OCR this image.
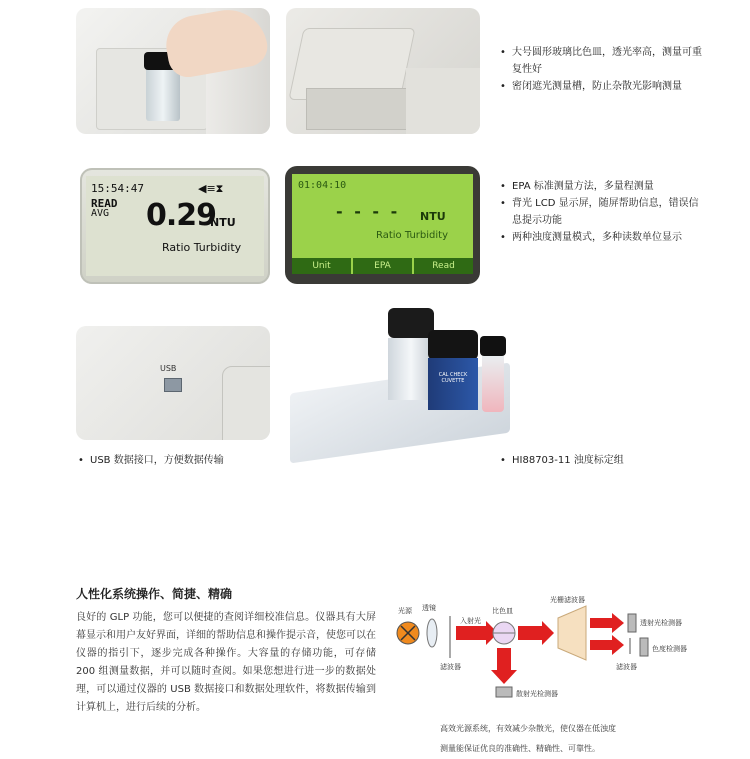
• 大号圆形玻璃比色皿，透光率高，测量可重复性好
• 密闭遮光测量槽，防止杂散光影响测量
15:54:47	◀≡⧗
READ
AVG 0.29
NTU
Ratio Turbidity
01:04:10
- - - - NTU
Ratio Turbidity
Unit	EPA	Read
• EPA 标准测量方法，多量程测量
• 背光 LCD 显示屏，随屏帮助信息，错误信息提示功能
• 两种浊度测量模式，多种读数单位显示
USB
CAL CHECK CUVETTE
• USB 数据接口，方便数据传输
•	HI88703-11 浊度标定组
人性化系统操作、简捷、精确
良好的 GLP 功能，您可以便捷的查阅详细校准信息。仪器具有大屏幕显示和用户友好界面，详细的帮助信息和操作提示音，使您可以在仪器的指引下，逐步完成各种操作。大容量的存储功能，可存储 200 组测量数据，并可以随时查阅。如果您想进行进一步的数据处理，可以通过仪器的 USB 数据接口和数据处理软件，将数据传输到计算机上，进行后续的分析。
光源 透镜	比色皿
入射光
滤波器
光栅滤波器
透射光检测器
色度检测器
滤波器
散射光检测器
高效光源系统，有效减少杂散光，使仪器在低浊度
测量能保证优良的准确性、精确性、可靠性。
